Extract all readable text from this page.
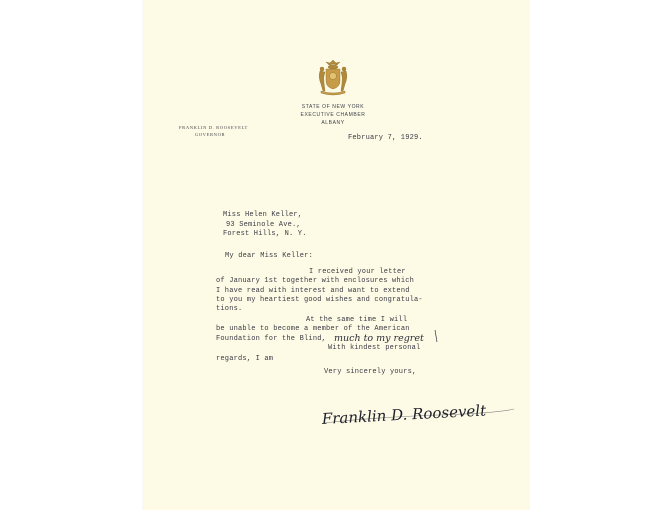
STATE OF NEW YORK
EXECUTIVE CHAMBER
ALBANY
FRANKLIN D. ROOSEVELT
GOVERNOR	February 7, 1929.
Miss Helen Keller,
93 Seminole Ave.,
Forest Hills, N. Y.
My dear Miss Keller:
I received your letter
of January 1st together with enclosures which
I have read with interest and want to extend
to you my heartiest good wishes and congratula-
tions.
At the same time I will
be unable to become a member of the American
Foundation for the Blind, much to my regret
With kindest personal
regards, I am
Very sincerely yours,
Franklin D. Roosevelt
